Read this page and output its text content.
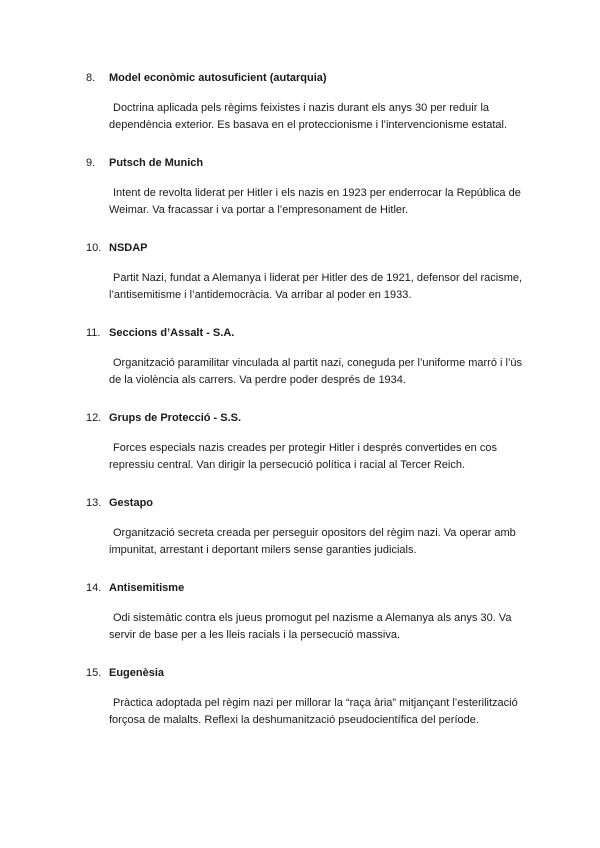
8.	Model econòmic autosuficient (autarquia)
Doctrina aplicada pels règims feixistes i nazis durant els anys 30 per reduir la dependència exterior. Es basava en el proteccionisme i l’intervencionisme estatal.
9.	Putsch de Munich
Intent de revolta liderat per Hitler i els nazis en 1923 per enderrocar la República de Weimar. Va fracassar i va portar a l’empresonament de Hitler.
10. NSDAP
Partit Nazi, fundat a Alemanya i liderat per Hitler des de 1921, defensor del racisme, l’antisemitisme i l’antidemocràcia. Va arribar al poder en 1933.
11. Seccions d’Assalt - S.A.
Organització paramilitar vinculada al partit nazi, coneguda per l’uniforme marró i l’ús de la violència als carrers. Va perdre poder després de 1934.
12. Grups de Protecció - S.S.
Forces especials nazis creades per protegir Hitler i després convertides en cos repressiu central. Van dirigir la persecució política i racial al Tercer Reich.
13. Gestapo
Organització secreta creada per perseguir opositors del règim nazi. Va operar amb impunitat, arrestant i deportant milers sense garanties judicials.
14. Antisemitisme
Odi sistemàtic contra els jueus promogut pel nazisme a Alemanya als anys 30. Va servir de base per a les lleis racials i la persecució massiva.
15. Eugenèsia
Pràctica adoptada pel règim nazi per millorar la “raça ària” mitjançant l’esterilització forçosa de malalts. Reflexi la deshumanització pseudocientífica del període.
